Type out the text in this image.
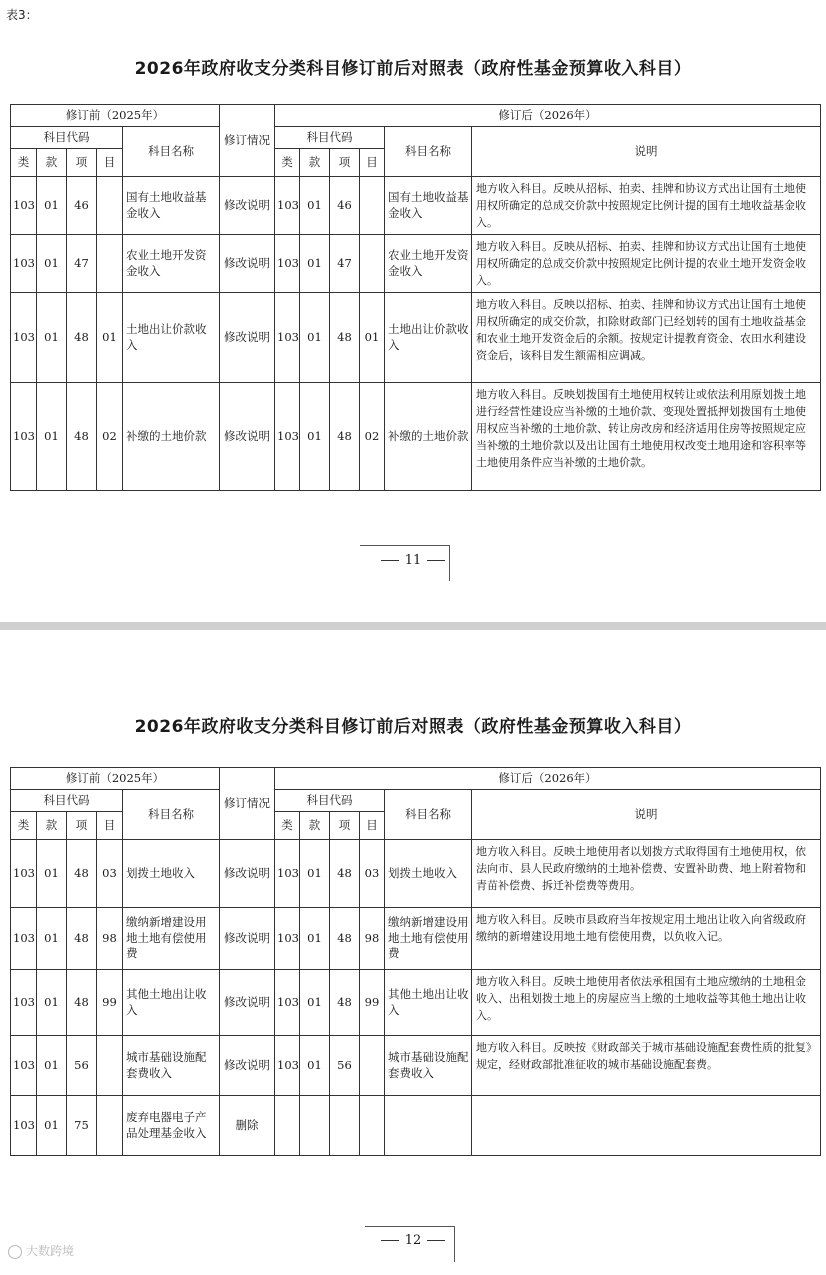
表3：
2026年政府收支分类科目修订前后对照表（政府性基金预算收入科目）
修订前（2025年）					修订情况	修订后（2026年）					
科目代码				科目名称		科目代码				科目名称	说明
类	款	项	目			类	款	项	目		
103	01	46		国有土地收益基金收入	修改说明	103	01	46		国有土地收益基金收入	地方收入科目。反映从招标、拍卖、挂牌和协议方式出让国有土地使用权所确定的总成交价款中按照规定比例计提的国有土地收益基金收入。
103	01	47		农业土地开发资金收入	修改说明	103	01	47		农业土地开发资金收入	地方收入科目。反映从招标、拍卖、挂牌和协议方式出让国有土地使用权所确定的总成交价款中按照规定比例计提的农业土地开发资金收入。
103	01	48	01	土地出让价款收入	修改说明	103	01	48	01	土地出让价款收入	地方收入科目。反映以招标、拍卖、挂牌和协议方式出让国有土地使用权所确定的成交价款，扣除财政部门已经划转的国有土地收益基金和农业土地开发资金后的余额。按规定计提教育资金、农田水利建设资金后，该科目发生额需相应调减。
103	01	48	02	补缴的土地价款	修改说明	103	01	48	02	补缴的土地价款	地方收入科目。反映划拨国有土地使用权转让或依法利用原划拨土地进行经营性建设应当补缴的土地价款、变现处置抵押划拨国有土地使用权应当补缴的土地价款、转让房改房和经济适用住房等按照规定应当补缴的土地价款以及出让国有土地使用权改变土地用途和容积率等土地使用条件应当补缴的土地价款。
11
2026年政府收支分类科目修订前后对照表（政府性基金预算收入科目）
修订前（2025年）					修订情况	修订后（2026年）					
科目代码				科目名称		科目代码				科目名称	说明
类	款	项	目			类	款	项	目		
103	01	48	03	划拨土地收入	修改说明	103	01	48	03	划拨土地收入	地方收入科目。反映土地使用者以划拨方式取得国有土地使用权，依法向市、县人民政府缴纳的土地补偿费、安置补助费、地上附着物和青苗补偿费、拆迁补偿费等费用。
103	01	48	98	缴纳新增建设用地土地有偿使用费	修改说明	103	01	48	98	缴纳新增建设用地土地有偿使用费	地方收入科目。反映市县政府当年按规定用土地出让收入向省级政府缴纳的新增建设用地土地有偿使用费，以负收入记。
103	01	48	99	其他土地出让收入	修改说明	103	01	48	99	其他土地出让收入	地方收入科目。反映土地使用者依法承租国有土地应缴纳的土地租金收入、出租划拨土地上的房屋应当上缴的土地收益等其他土地出让收入。
103	01	56		城市基础设施配套费收入	修改说明	103	01	56		城市基础设施配套费收入	地方收入科目。反映按《财政部关于城市基础设施配套费性质的批复》规定，经财政部批准征收的城市基础设施配套费。
103	01	75		废弃电器电子产品处理基金收入	删除						
12
大数跨境
